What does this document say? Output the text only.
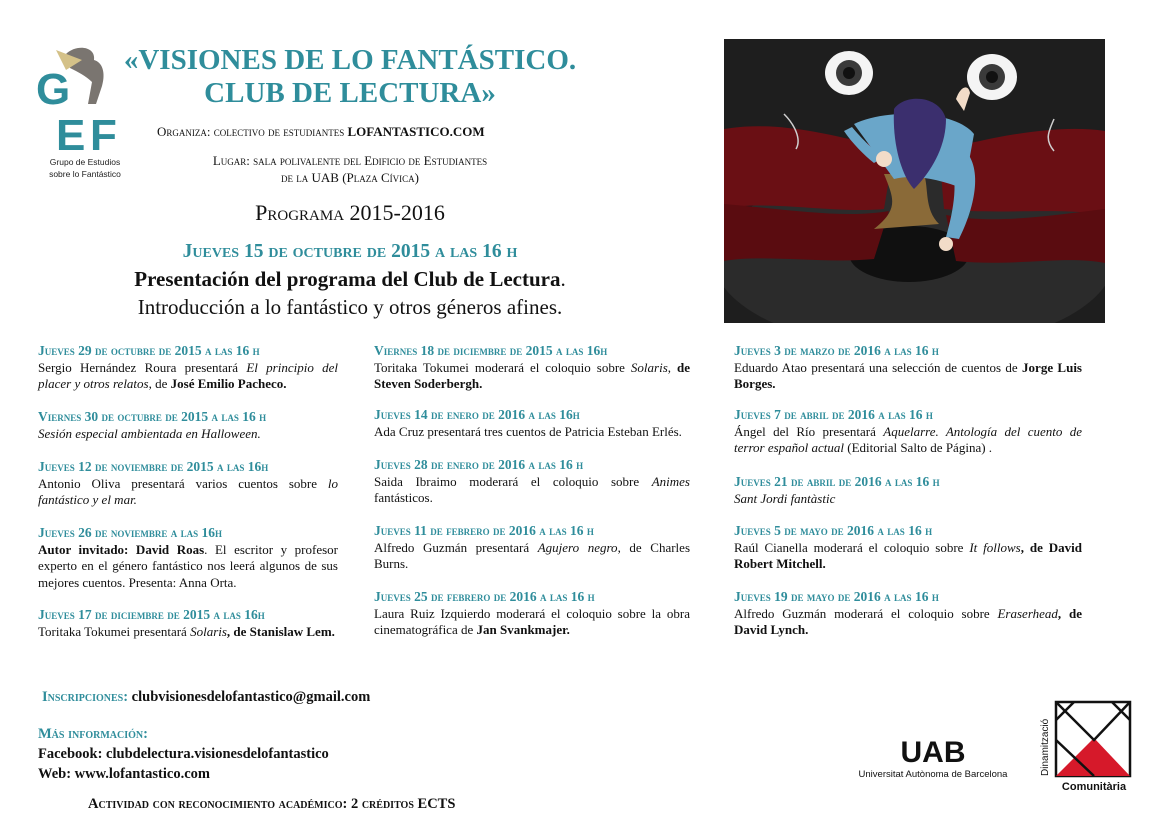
G
E F
Grupo de Estudios
sobre lo Fantástico
«VISIONES DE LO FANTÁSTICO.
CLUB DE LECTURA»
Organiza: colectivo de estudiantes LOFANTASTICO.COM
Lugar: sala polivalente del Edificio de Estudiantes
de la UAB (Plaza Cívica)
Programa 2015-2016
Jueves 15 de octubre de 2015 a las 16 h
Presentación del programa del Club de Lectura.
Introducción a lo fantástico y otros géneros afines.
Jueves 29 de octubre de 2015 a las 16 h
Sergio Hernández Roura presentará El principio del placer y otros relatos, de José Emilio Pacheco.
Viernes 30 de octubre de 2015 a las 16 h
Sesión especial ambientada en Halloween.
Jueves 12 de noviembre de 2015 a las 16h
Antonio Oliva presentará varios cuentos sobre lo fantástico y el mar.
Jueves 26 de noviembre a las 16h
Autor invitado: David Roas. El escritor y profesor experto en el género fantástico nos leerá algunos de sus mejores cuentos. Presenta: Anna Orta.
Jueves 17 de diciembre de 2015 a las 16h
Toritaka Tokumei presentará Solaris, de Stanislaw Lem.
Viernes 18 de diciembre de 2015 a las 16h
Toritaka Tokumei moderará el coloquio sobre Solaris, de Steven Soderbergh.
Jueves 14 de enero de 2016 a las 16h
Ada Cruz presentará tres cuentos de Patricia Esteban Erlés.
Jueves 28 de enero de 2016 a las 16 h
Saida Ibraimo moderará el coloquio sobre Animes fantásticos.
Jueves 11 de febrero de 2016 a las 16 h
Alfredo Guzmán presentará Agujero negro, de Charles Burns.
Jueves 25 de febrero de 2016 a las 16 h
Laura Ruiz Izquierdo moderará el coloquio sobre la obra cinematográfica de Jan Svankmajer.
Jueves 3 de marzo de 2016 a las 16 h
Eduardo Atao presentará una selección de cuentos de Jorge Luis Borges.
Jueves 7 de abril de 2016 a las 16 h
Ángel del Río presentará Aquelarre. Antología del cuento de terror español actual (Editorial Salto de Página) .
Jueves 21 de abril de 2016 a las 16 h
Sant Jordi fantàstic
Jueves 5 de mayo de 2016 a las 16 h
Raúl Cianella moderará el coloquio sobre It follows, de David Robert Mitchell.
Jueves 19 de mayo de 2016 a las 16 h
Alfredo Guzmán moderará el coloquio sobre Eraserhead, de David Lynch.
Inscripciones: clubvisionesdelofantastico@gmail.com
Más información:
Facebook: clubdelectura.visionesdelofantastico
Web: www.lofantastico.com
Actividad con reconocimiento académico: 2 créditos ECTS
UAB
Universitat Autònoma de Barcelona	Dinamització
Comunitària
